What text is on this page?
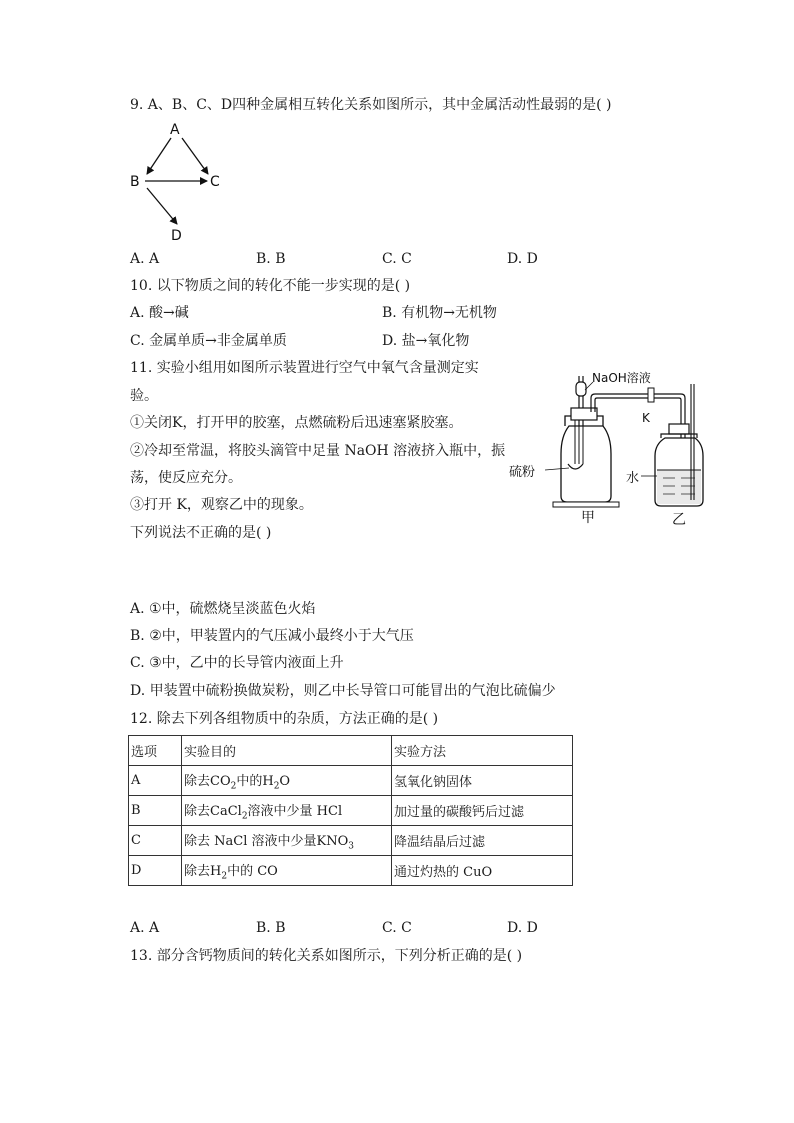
9. A、B、C、D四种金属相互转化关系如图所示，其中金属活动性最弱的是( )
A
B	C
D
A. A	B. B	C. C	D. D
10. 以下物质之间的转化不能一步实现的是( )
A. 酸→碱	B. 有机物→无机物
C. 金属单质→非金属单质	D. 盐→氧化物
11. 实验小组用如图所示装置进行空气中氧气含量测定实
验。
①关闭K，打开甲的胶塞，点燃硫粉后迅速塞紧胶塞。
②冷却至常温，将胶头滴管中足量 NaOH 溶液挤入瓶中，振
荡，使反应充分。
③打开 K，观察乙中的现象。
下列说法不正确的是( )
NaOH溶液
硫粉
甲
K
水
乙
A. ①中，硫燃烧呈淡蓝色火焰
B. ②中，甲装置内的气压减小最终小于大气压
C. ③中，乙中的长导管内液面上升
D. 甲装置中硫粉换做炭粉，则乙中长导管口可能冒出的气泡比硫偏少
12. 除去下列各组物质中的杂质，方法正确的是( )
选项	实验目的	实验方法
A	除去$CO_2$中的$H_2O$	氢氧化钠固体
B	除去CaCl$_2$溶液中少量 HCl	加过量的碳酸钙后过滤
C	除去 NaCl 溶液中少量$KNO_3$	降温结晶后过滤
D	除去$H_2$中的 CO	通过灼热的 CuO
A. A	B. B	C. C	D. D
13. 部分含钙物质间的转化关系如图所示，下列分析正确的是( )
